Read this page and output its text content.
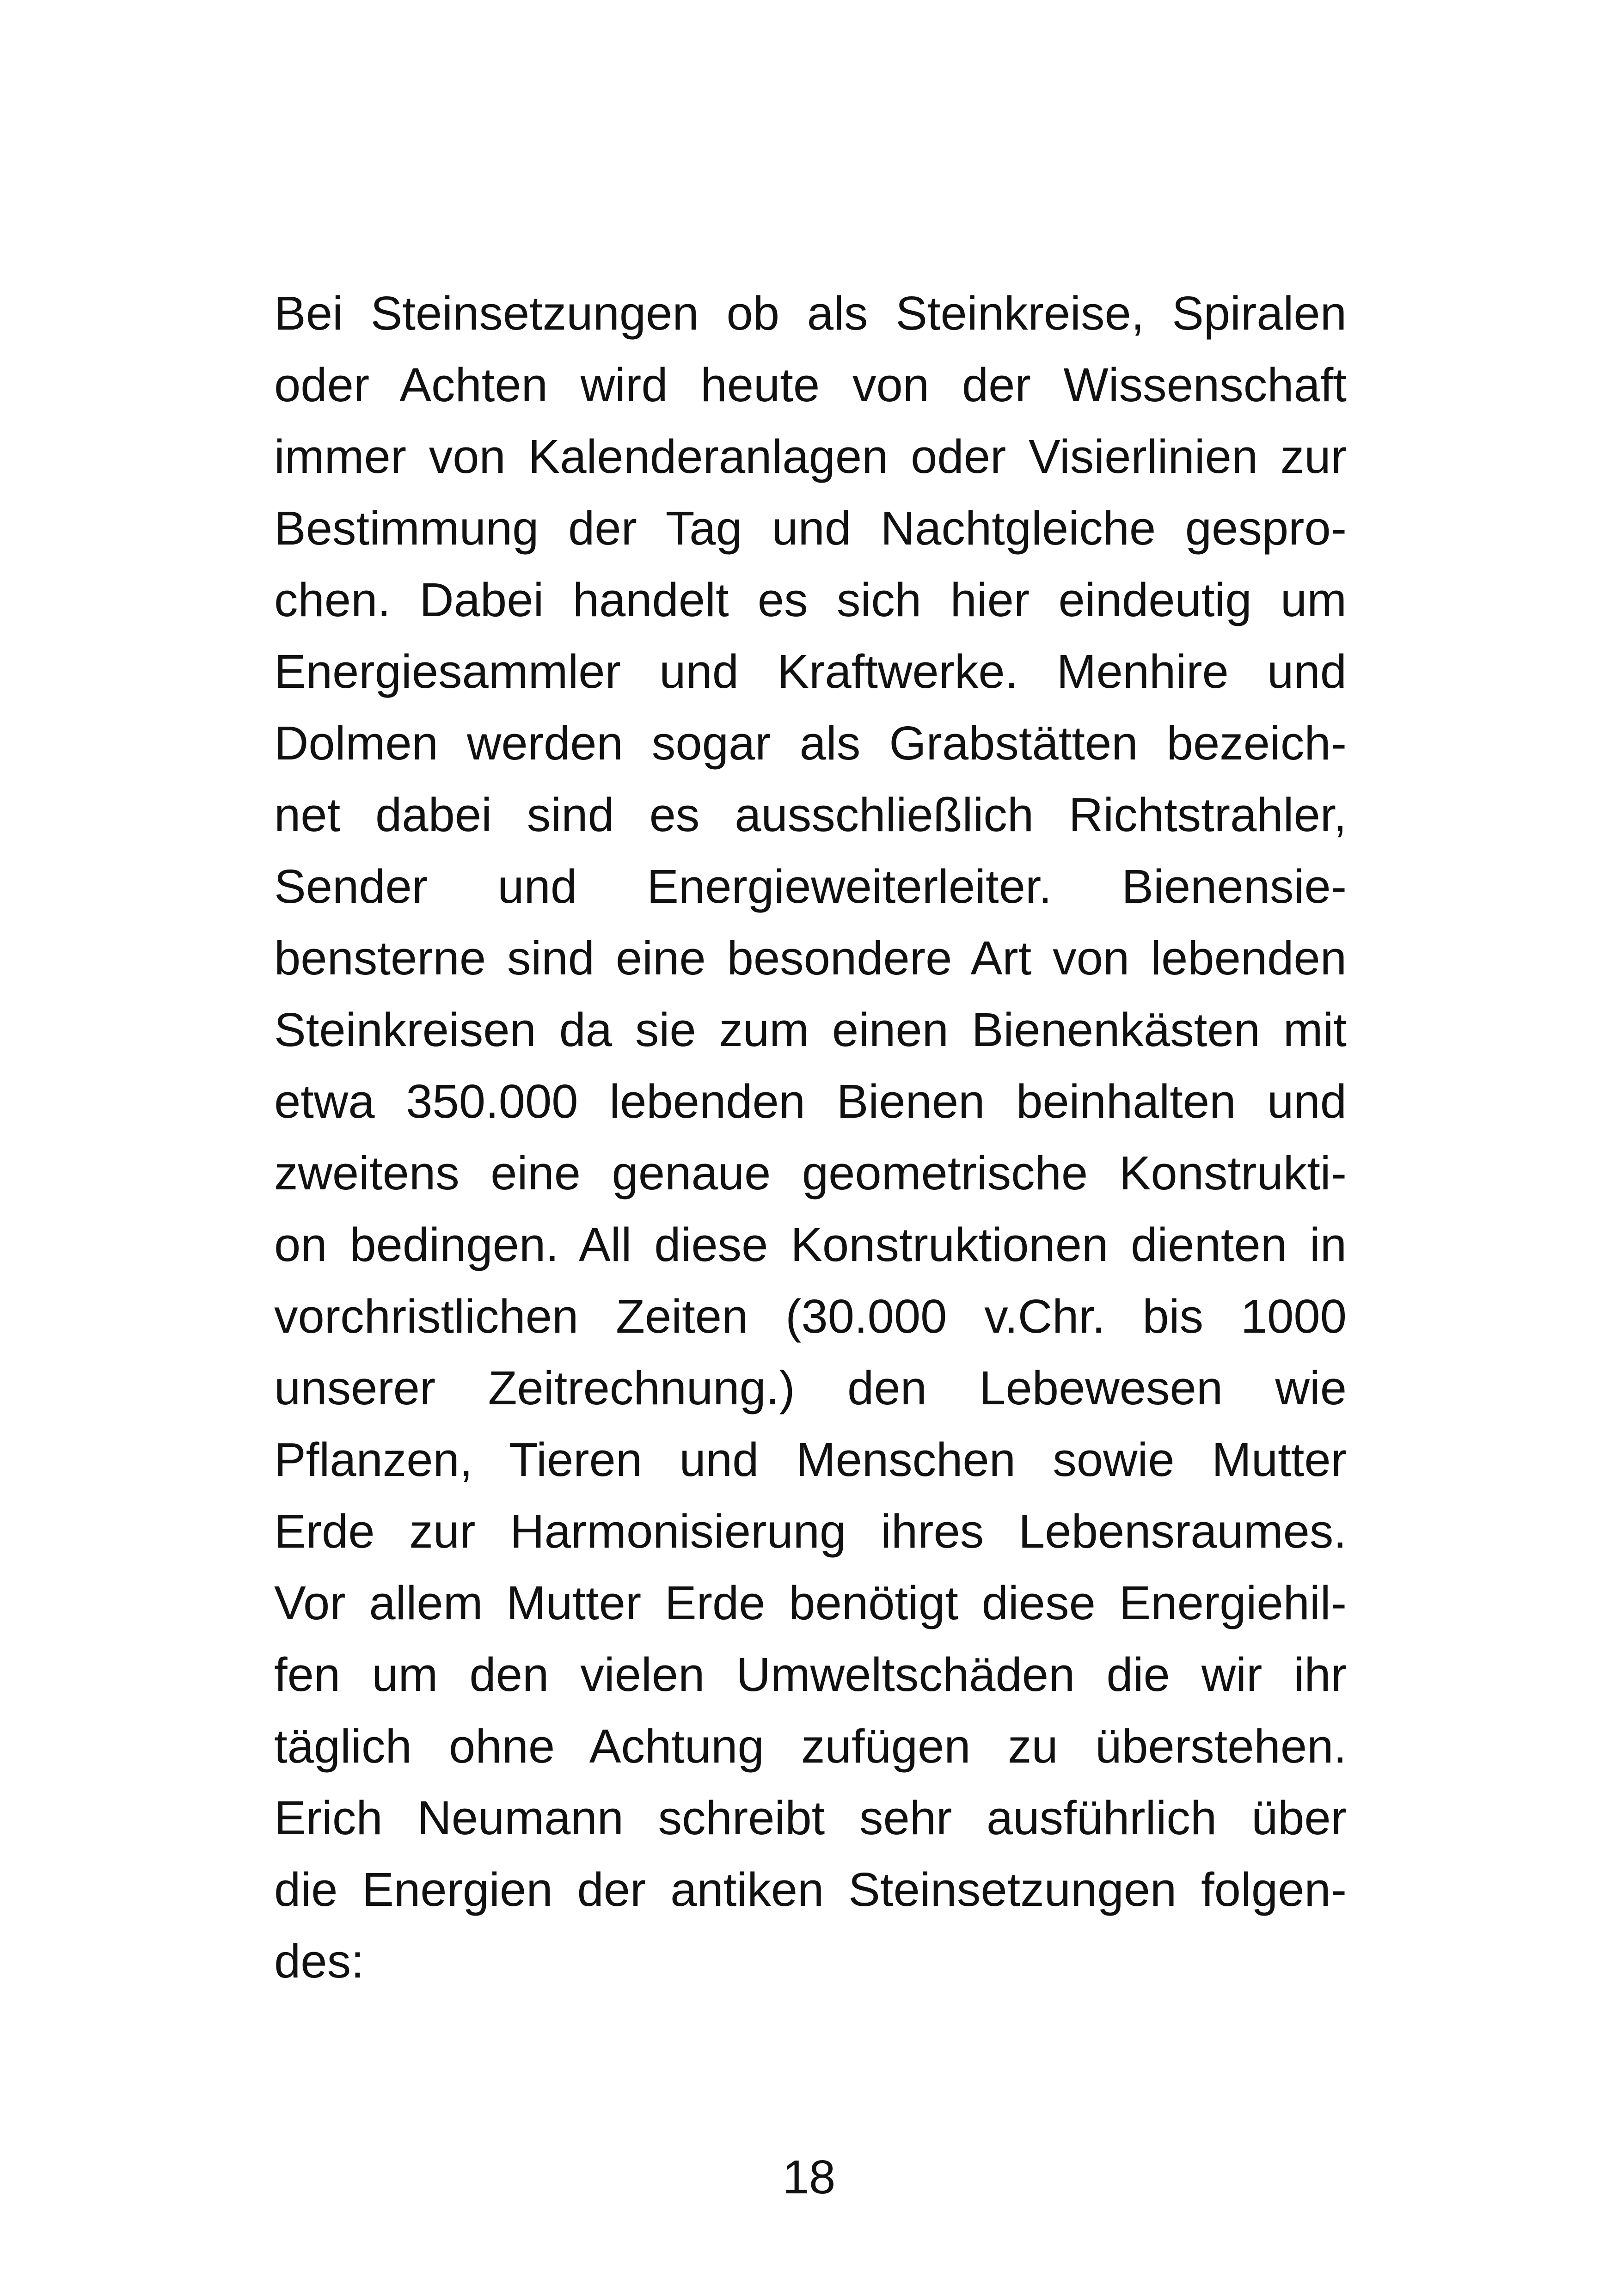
Bei Steinsetzungen ob als Steinkreise, Spiralen
oder Achten wird heute von der Wissenschaft
immer von Kalenderanlagen oder Visierlinien zur
Bestimmung der Tag und Nachtgleiche gespro-
chen. Dabei handelt es sich hier eindeutig um
Energiesammler und Kraftwerke. Menhire und
Dolmen werden sogar als Grabstätten bezeich-
net dabei sind es ausschließlich Richtstrahler,
Sender und Energieweiterleiter. Bienensie-
bensterne sind eine besondere Art von lebenden
Steinkreisen da sie zum einen Bienenkästen mit
etwa 350.000 lebenden Bienen beinhalten und
zweitens eine genaue geometrische Konstrukti-
on bedingen. All diese Konstruktionen dienten in
vorchristlichen Zeiten (30.000 v.Chr. bis 1000
unserer Zeitrechnung.) den Lebewesen wie
Pflanzen, Tieren und Menschen sowie Mutter
Erde zur Harmonisierung ihres Lebensraumes.
Vor allem Mutter Erde benötigt diese Energiehil-
fen um den vielen Umweltschäden die wir ihr
täglich ohne Achtung zufügen zu überstehen.
Erich Neumann schreibt sehr ausführlich über
die Energien der antiken Steinsetzungen folgen-
des:
18
